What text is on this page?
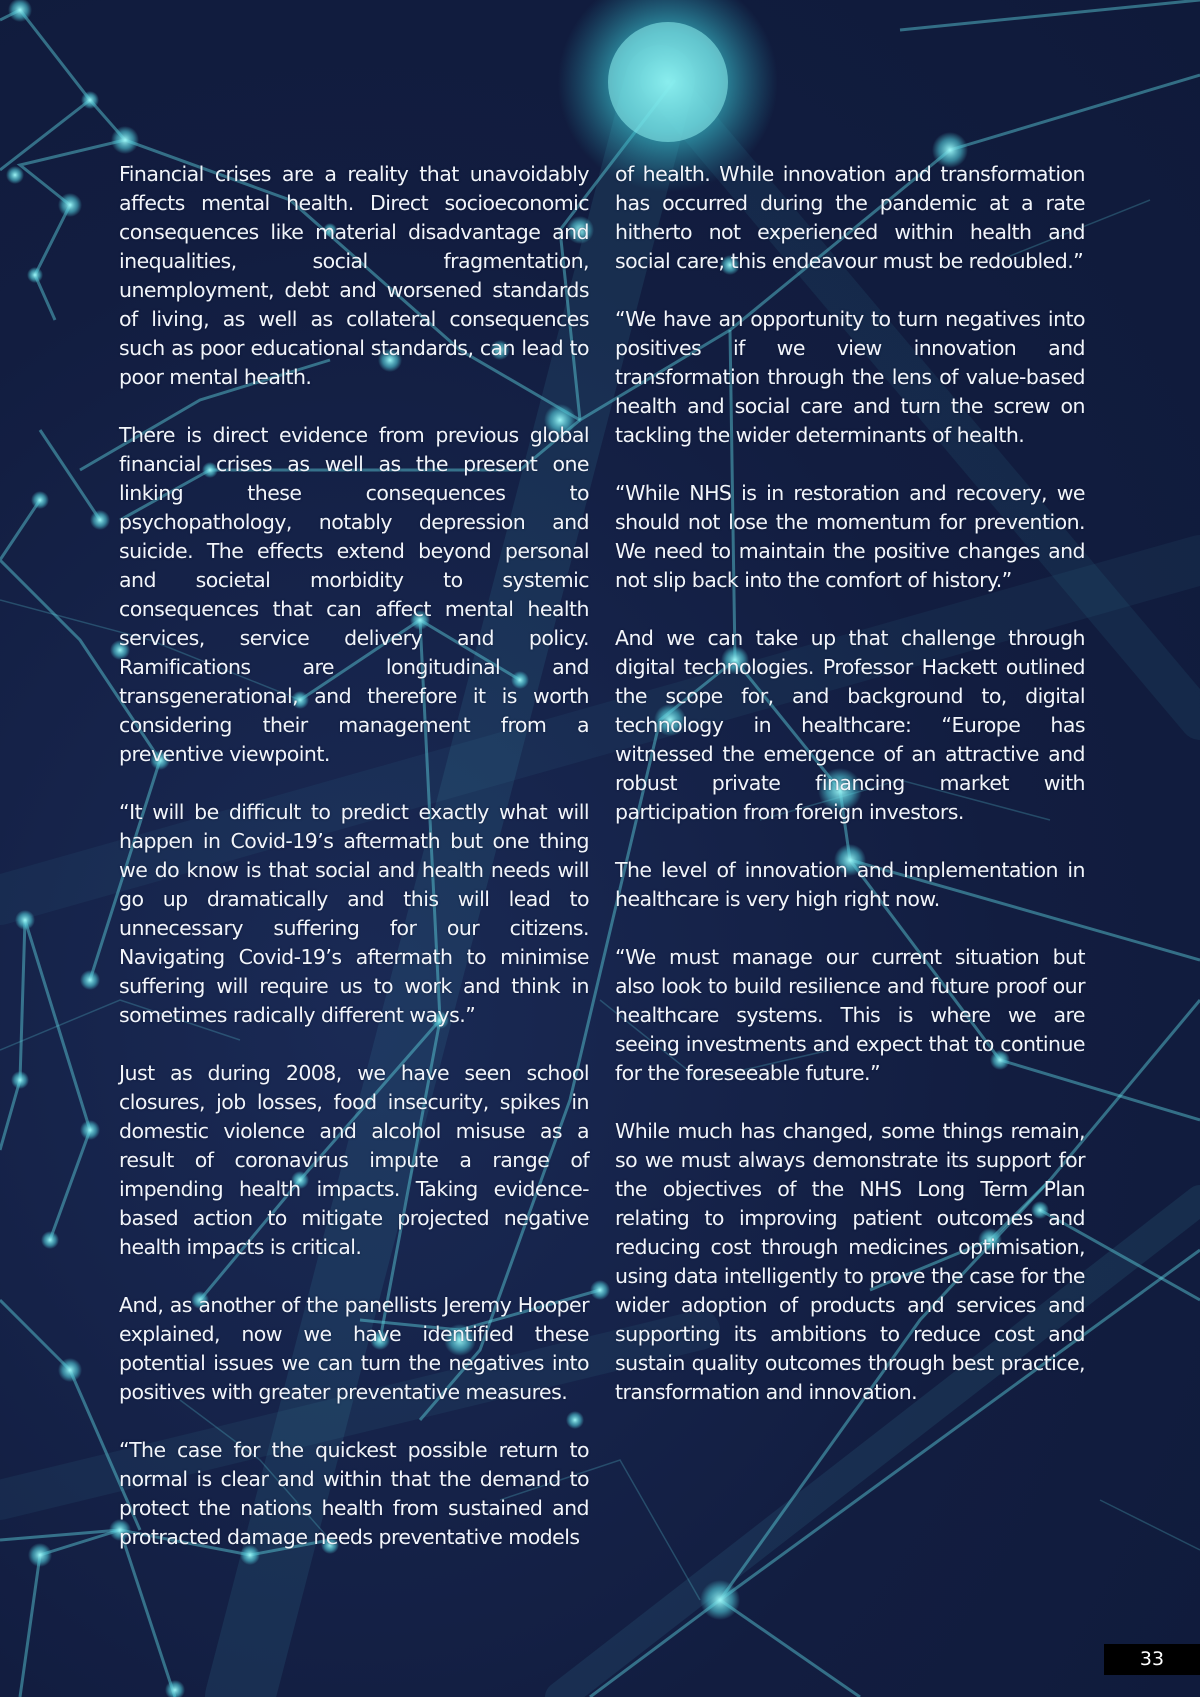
Financial crises are a reality that unavoidably affects mental health. Direct socioeconomic consequences like material disadvantage and inequalities, social fragmentation, unemployment, debt and worsened standards of living, as well as collateral consequences such as poor educational standards, can lead to poor mental health.

There is direct evidence from previous global financial crises as well as the present one linking these consequences to psychopathology, notably depression and suicide. The effects extend beyond personal and societal morbidity to systemic consequences that can affect mental health services, service delivery and policy. Ramifications are longitudinal and transgenerational, and therefore it is worth considering their management from a preventive viewpoint.

“It will be difficult to predict exactly what will happen in Covid-19’s aftermath but one thing we do know is that social and health needs will go up dramatically and this will lead to unnecessary suffering for our citizens. Navigating Covid-19’s aftermath to minimise suffering will require us to work and think in sometimes radically different ways.”

Just as during 2008, we have seen school closures, job losses, food insecurity, spikes in domestic violence and alcohol misuse as a result of coronavirus impute a range of impending health impacts. Taking evidence-based action to mitigate projected negative health impacts is critical.

And, as another of the panellists Jeremy Hooper explained, now we have identified these potential issues we can turn the negatives into positives with greater preventative measures.

“The case for the quickest possible return to normal is clear and within that the demand to protect the nations health from sustained and protracted damage needs preventative models

of health. While innovation and transformation has occurred during the pandemic at a rate hitherto not experienced within health and social care; this endeavour must be redoubled.”

“We have an opportunity to turn negatives into positives if we view innovation and transformation through the lens of value-based health and social care and turn the screw on tackling the wider determinants of health.

“While NHS is in restoration and recovery, we should not lose the momentum for prevention. We need to maintain the positive changes and not slip back into the comfort of history.”

And we can take up that challenge through digital technologies. Professor Hackett outlined the scope for, and background to, digital technology in healthcare: “Europe has witnessed the emergence of an attractive and robust private financing market with participation from foreign investors.

The level of innovation and implementation in healthcare is very high right now.

“We must manage our current situation but also look to build resilience and future proof our healthcare systems. This is where we are seeing investments and expect that to continue for the foreseeable future.”

While much has changed, some things remain, so we must always demonstrate its support for the objectives of the NHS Long Term Plan relating to improving patient outcomes and reducing cost through medicines optimisation, using data intelligently to prove the case for the wider adoption of products and services and supporting its ambitions to reduce cost and sustain quality outcomes through best practice, transformation and innovation.

33
